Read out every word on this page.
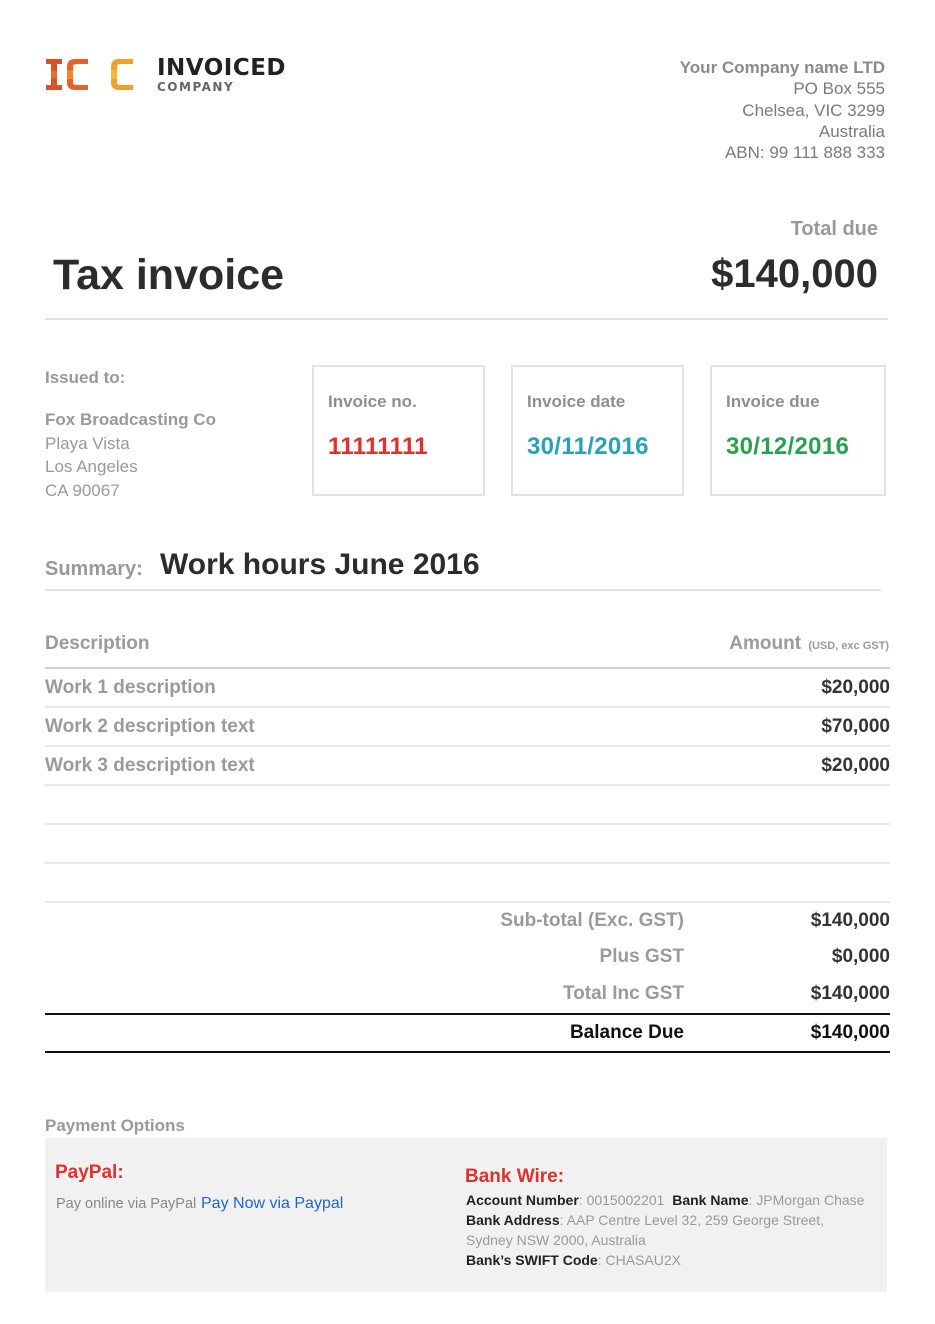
INVOICED
COMPANY
Your Company name LTD
PO Box 555
Chelsea, VIC 3299
Australia
ABN: 99 111 888 333
Tax invoice
Total due
$140,000
Issued to:
Fox Broadcasting Co
Playa Vista
Los Angeles
CA 90067
Invoice no.
11111111
Invoice date
30/11/2016
Invoice due
30/12/2016
Summary: Work hours June 2016
Description	Amount (USD, exc GST)
Work 1 description	$20,000
Work 2 description text	$70,000
Work 3 description text	$20,000
Sub-total (Exc. GST)	$140,000
Plus GST	$0,000
Total Inc GST	$140,000
Balance Due	$140,000
Payment Options
PayPal:
Pay online via PayPal Pay Now via Paypal
Bank Wire:
Account Number: 0015002201 Bank Name: JPMorgan Chase
Bank Address: AAP Centre Level 32, 259 George Street,
Sydney NSW 2000, Australia
Bank’s SWIFT Code: CHASAU2X
